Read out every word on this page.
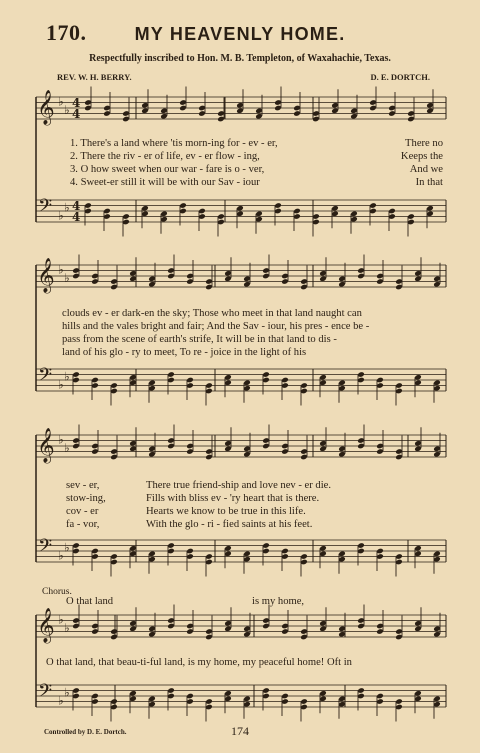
170.	MY HEAVENLY HOME.
Respectfully inscribed to Hon. M. B. Templeton, of Waxahachie, Texas.
REV. W. H. BERRY.	D. E. DORTCH.
𝄞
𝄢
♭
♭
♭
♭
4
4
4
4
𝄞
𝄢
♭
♭
♭
♭
𝄞
𝄢
♭
♭
♭
♭
𝄞
𝄢
♭
♭
♭
♭
1. There's a land where 'tis morn-ing for - ev - er,	There no
2. There the riv - er of life, ev - er flow - ing,	Keeps the
3. O how sweet when our war - fare is o - ver,	And we
4. Sweet-er still it will be with our Sav - iour	In that
clouds ev - er dark-en the sky; Those who meet in that land naught can
hills and the vales bright and fair; And the Sav - iour, his pres - ence be -
pass from the scene of earth's strife, It will be in that land to dis -
land of his glo - ry to meet, To re - joice in the light of his
sev - er,	There true friend-ship and love nev - er die.
stow-ing,	Fills with bliss ev - 'ry heart that is there.
cov - er	Hearts we know to be true in this life.
fa - vor,	With the glo - ri - fied saints at his feet.
Chorus.
O that land	is my home,
O that land, that beau-ti-ful land, is my home, my peaceful home! Oft in
Controlled by D. E. Dortch.	174
